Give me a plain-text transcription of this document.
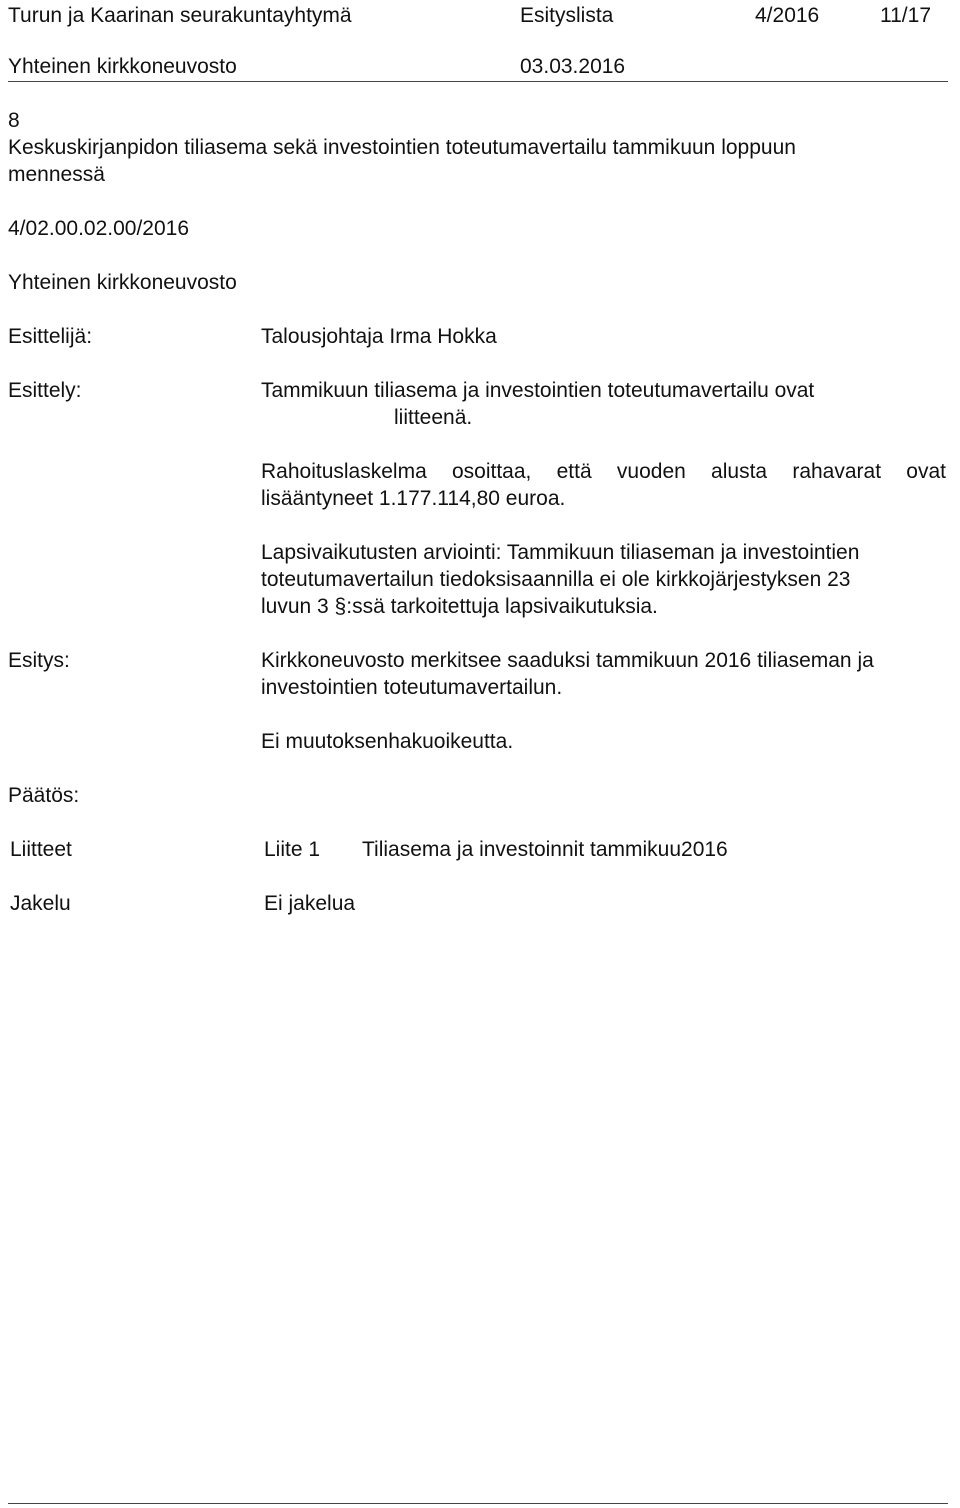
Turun ja Kaarinan seurakuntayhtymä	Esityslista	4/2016	11/17
Yhteinen kirkkoneuvosto	03.03.2016
8
Keskuskirjanpidon tiliasema sekä investointien toteutumavertailu tammikuun loppuun
mennessä
4/02.00.02.00/2016
Yhteinen kirkkoneuvosto
Esittelijä:	Talousjohtaja Irma Hokka
Esittely:	Tammikuun tiliasema ja investointien toteutumavertailu ovat
liitteenä.
Rahoituslaskelma osoittaa, että vuoden alusta rahavarat ovat
lisääntyneet 1.177.114,80 euroa.
Lapsivaikutusten arviointi: Tammikuun tiliaseman ja investointien
toteutumavertailun tiedoksisaannilla ei ole kirkkojärjestyksen 23
luvun 3 §:ssä tarkoitettuja lapsivaikutuksia.
Esitys:	Kirkkoneuvosto merkitsee saaduksi tammikuun 2016 tiliaseman ja
investointien toteutumavertailun.
Ei muutoksenhakuoikeutta.
Päätös:
Liitteet	Liite 1 Tiliasema ja investoinnit tammikuu2016
Jakelu	Ei jakelua
